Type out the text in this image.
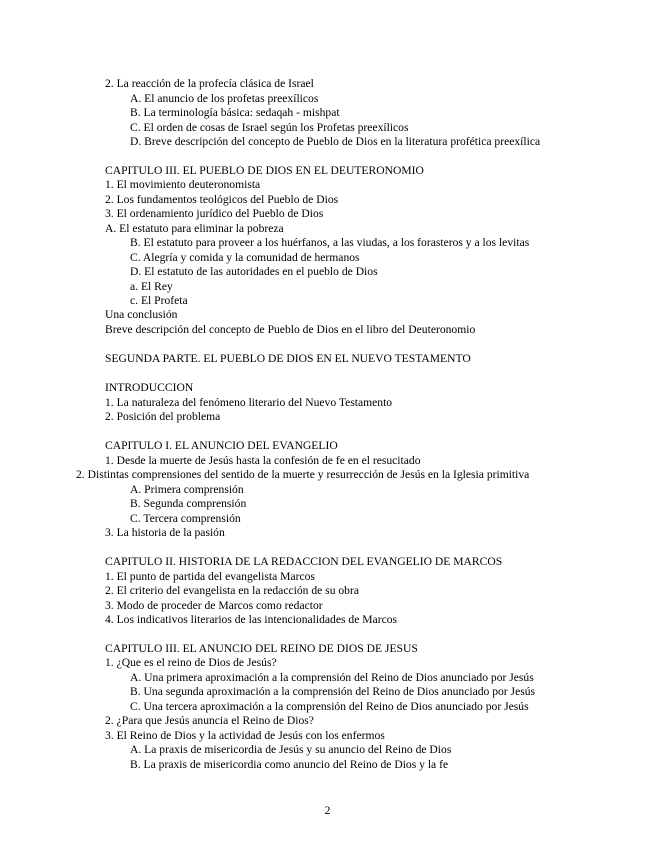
2. La reacción de la profecía clásica de Israel

A. El anuncio de los profetas preexílicos

B. La terminología básica: sedaqah - mishpat

C. El orden de cosas de Israel según los Profetas preexílicos

D. Breve descripción del concepto de Pueblo de Dios en la literatura profética preexílica

CAPITULO III. EL PUEBLO DE DIOS EN EL DEUTERONOMIO

1. El movimiento deuteronomista

2. Los fundamentos teológicos del Pueblo de Dios

3. El ordenamiento jurídico del Pueblo de Dios

A. El estatuto para eliminar la pobreza

B. El estatuto para proveer a los huérfanos, a las viudas, a los forasteros y a los levitas

C. Alegría y comida y la comunidad de hermanos

D. El estatuto de las autoridades en el pueblo de Dios

a. El Rey

c. El Profeta

Una conclusión

Breve descripción del concepto de Pueblo de Dios en el libro del Deuteronomio

SEGUNDA PARTE. EL PUEBLO DE DIOS EN EL NUEVO TESTAMENTO

INTRODUCCION

1. La naturaleza del fenómeno literario del Nuevo Testamento

2. Posición del problema

CAPITULO I. EL ANUNCIO DEL EVANGELIO

1. Desde la muerte de Jesús hasta la confesión de fe en el resucitado

2. Distintas comprensiones del sentido de la muerte y resurrección de Jesús en la Iglesia primitiva

A. Primera comprensión

B. Segunda comprensión

C. Tercera comprensión

3. La historia de la pasión

CAPITULO II. HISTORIA DE LA REDACCION DEL EVANGELIO DE MARCOS

1. El punto de partida del evangelista Marcos

2. El criterio del evangelista en la redacción de su obra

3. Modo de proceder de Marcos como redactor

4. Los indicativos literarios de las intencionalidades de Marcos

CAPITULO III. EL ANUNCIO DEL REINO DE DIOS DE JESUS

1. ¿Que es el reino de Dios de Jesús?

A. Una primera aproximación a la comprensión del Reino de Dios anunciado por Jesús

B. Una segunda aproximación a la comprensión del Reino de Dios anunciado por Jesús

C. Una tercera aproximación a la comprensión del Reino de Dios anunciado por Jesús

2. ¿Para que Jesús anuncia el Reino de Dios?

3. El Reino de Dios y la actividad de Jesús con los enfermos

A. La praxis de misericordia de Jesús y su anuncio del Reino de Dios

B. La praxis de misericordia como anuncio del Reino de Dios y la fe

2
